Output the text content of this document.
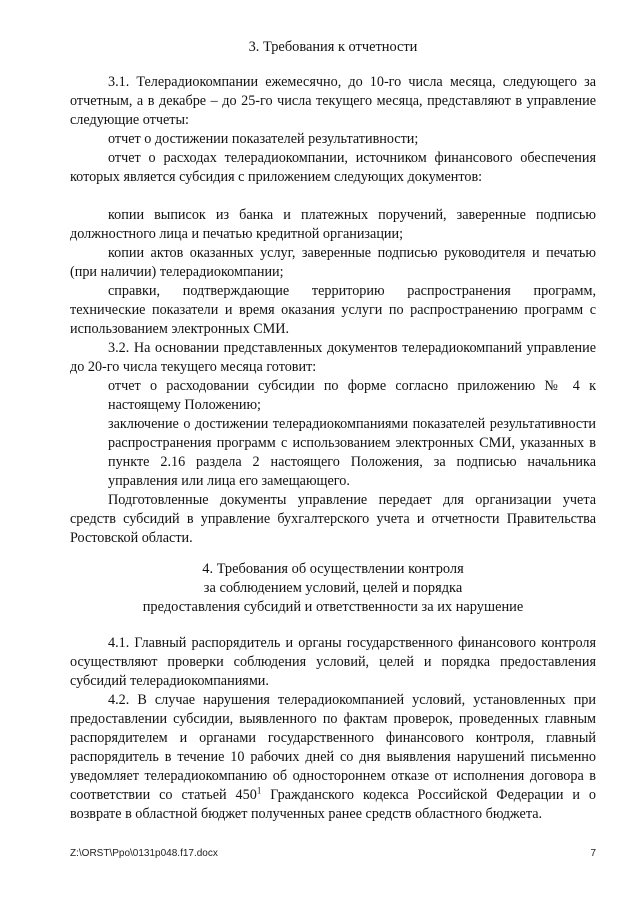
3. Требования к отчетности

3.1. Телерадиокомпании ежемесячно, до 10-го числа месяца, следующего за отчетным, а в декабре – до 25-го числа текущего месяца, представляют в управление следующие отчеты:

отчет о достижении показателей результативности;

отчет о расходах телерадиокомпании, источником финансового обеспечения которых является субсидия с приложением следующих документов:

копии выписок из банка и платежных поручений, заверенные подписью должностного лица и печатью кредитной организации;

копии актов оказанных услуг, заверенные подписью руководителя и печатью (при наличии) телерадиокомпании;

справки, подтверждающие территорию распространения программ, технические показатели и время оказания услуги по распространению программ с использованием электронных СМИ.

3.2. На основании представленных документов телерадиокомпаний управление до 20-го числа текущего месяца готовит:

отчет о расходовании субсидии по форме согласно приложению № 4 к настоящему Положению;

заключение о достижении телерадиокомпаниями показателей результативности распространения программ с использованием электронных СМИ, указанных в пункте 2.16 раздела 2 настоящего Положения, за подписью начальника управления или лица его замещающего.

Подготовленные документы управление передает для организации учета средств субсидий в управление бухгалтерского учета и отчетности Правительства Ростовской области.

4. Требования об осуществлении контроля

за соблюдением условий, целей и порядка

предоставления субсидий и ответственности за их нарушение

4.1. Главный распорядитель и органы государственного финансового контроля осуществляют проверки соблюдения условий, целей и порядка предоставления субсидий телерадиокомпаниями.

4.2. В случае нарушения телерадиокомпанией условий, установленных при предоставлении субсидии, выявленного по фактам проверок, проведенных главным распорядителем и органами государственного финансового контроля, главный распорядитель в течение 10 рабочих дней со дня выявления нарушений письменно уведомляет телерадиокомпанию об одностороннем отказе от исполнения договора в соответствии со статьей $450^1$ Гражданского кодекса Российской Федерации и о возврате в областной бюджет полученных ранее средств областного бюджета.

Z:\ORST\Ppo\0131p048.f17.docx	7
